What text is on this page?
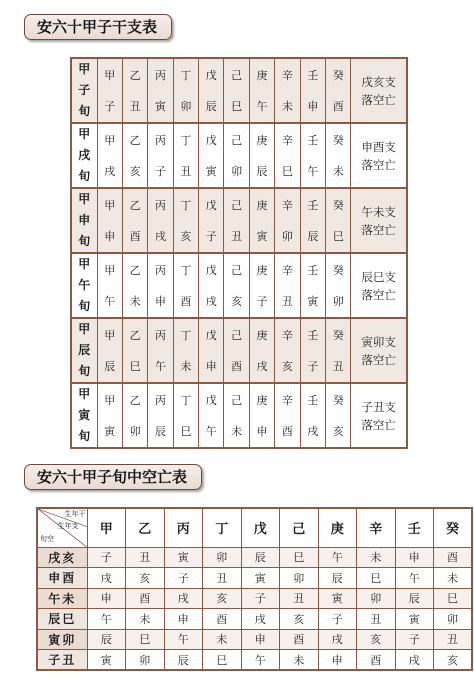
安六十甲子干支表
甲子旬	甲	乙	丙	丁	戊	己	庚	辛	壬	癸	戌亥支
落空亡

	子	丑	寅	卯	辰	巳	午	未	申	酉	

甲戌旬	甲	乙	丙	丁	戊	己	庚	辛	壬	癸	申酉支
落空亡

	戌	亥	子	丑	寅	卯	辰	巳	午	未	

甲申旬	甲	乙	丙	丁	戊	己	庚	辛	壬	癸	午未支
落空亡

	申	酉	戌	亥	子	丑	寅	卯	辰	巳	

甲午旬	甲	乙	丙	丁	戊	己	庚	辛	壬	癸	辰巳支
落空亡

	午	未	申	酉	戌	亥	子	丑	寅	卯	

甲辰旬	甲	乙	丙	丁	戊	己	庚	辛	壬	癸	寅卯支
落空亡

	辰	巳	午	未	申	酉	戌	亥	子	丑	

甲寅旬	甲	乙	丙	丁	戊	己	庚	辛	壬	癸	子丑支
落空亡

	寅	卯	辰	巳	午	未	申	酉	戌	亥	
安六十甲子旬中空亡表
生年干
生年支
旬空	甲	乙	丙	丁	戊	己	庚	辛	壬	癸
戌亥	子	丑	寅	卯	辰	巳	午	未	申	酉
申酉	戌	亥	子	丑	寅	卯	辰	巳	午	未
午未	申	酉	戌	亥	子	丑	寅	卯	辰	巳
辰巳	午	未	申	酉	戌	亥	子	丑	寅	卯
寅卯	辰	巳	午	未	申	酉	戌	亥	子	丑
子丑	寅	卯	辰	巳	午	未	申	酉	戌	亥
